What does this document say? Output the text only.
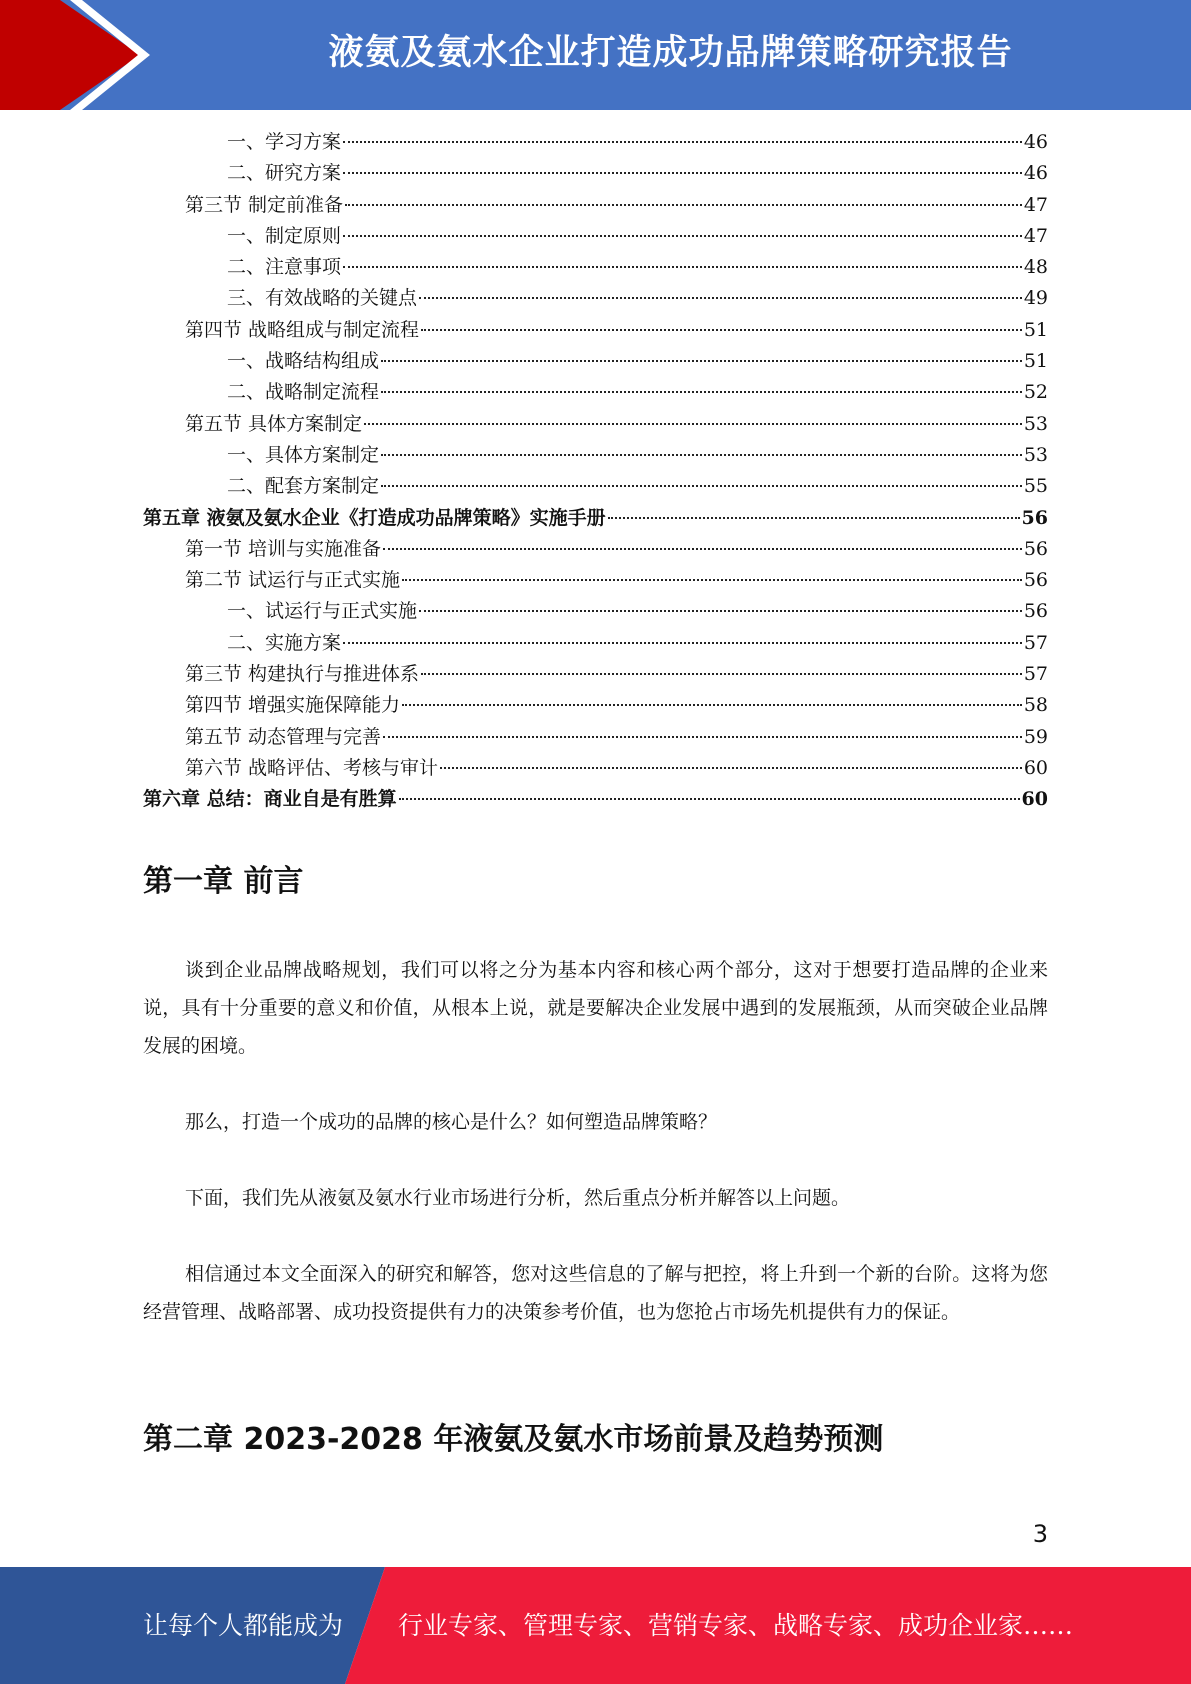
液氨及氨水企业打造成功品牌策略研究报告
一、学习方案	46
二、研究方案	46
第三节 制定前准备	47
一、制定原则	47
二、注意事项	48
三、有效战略的关键点	49
第四节 战略组成与制定流程	51
一、战略结构组成	51
二、战略制定流程	52
第五节 具体方案制定	53
一、具体方案制定	53
二、配套方案制定	55
第五章 液氨及氨水企业《打造成功品牌策略》实施手册	56
第一节 培训与实施准备	56
第二节 试运行与正式实施	56
一、试运行与正式实施	56
二、实施方案	57
第三节 构建执行与推进体系	57
第四节 增强实施保障能力	58
第五节 动态管理与完善	59
第六节 战略评估、考核与审计	60
第六章 总结：商业自是有胜算	60
第一章 前言
谈到企业品牌战略规划，我们可以将之分为基本内容和核心两个部分，这对于想要打造品牌的企业来说，具有十分重要的意义和价值，从根本上说，就是要解决企业发展中遇到的发展瓶颈，从而突破企业品牌发展的困境。
那么，打造一个成功的品牌的核心是什么？如何塑造品牌策略？
下面，我们先从液氨及氨水行业市场进行分析，然后重点分析并解答以上问题。
相信通过本文全面深入的研究和解答，您对这些信息的了解与把控，将上升到一个新的台阶。这将为您经营管理、战略部署、成功投资提供有力的决策参考价值，也为您抢占市场先机提供有力的保证。
第二章 2023-2028 年液氨及氨水市场前景及趋势预测
3
让每个人都能成为 行业专家、管理专家、营销专家、战略专家、成功企业家……
